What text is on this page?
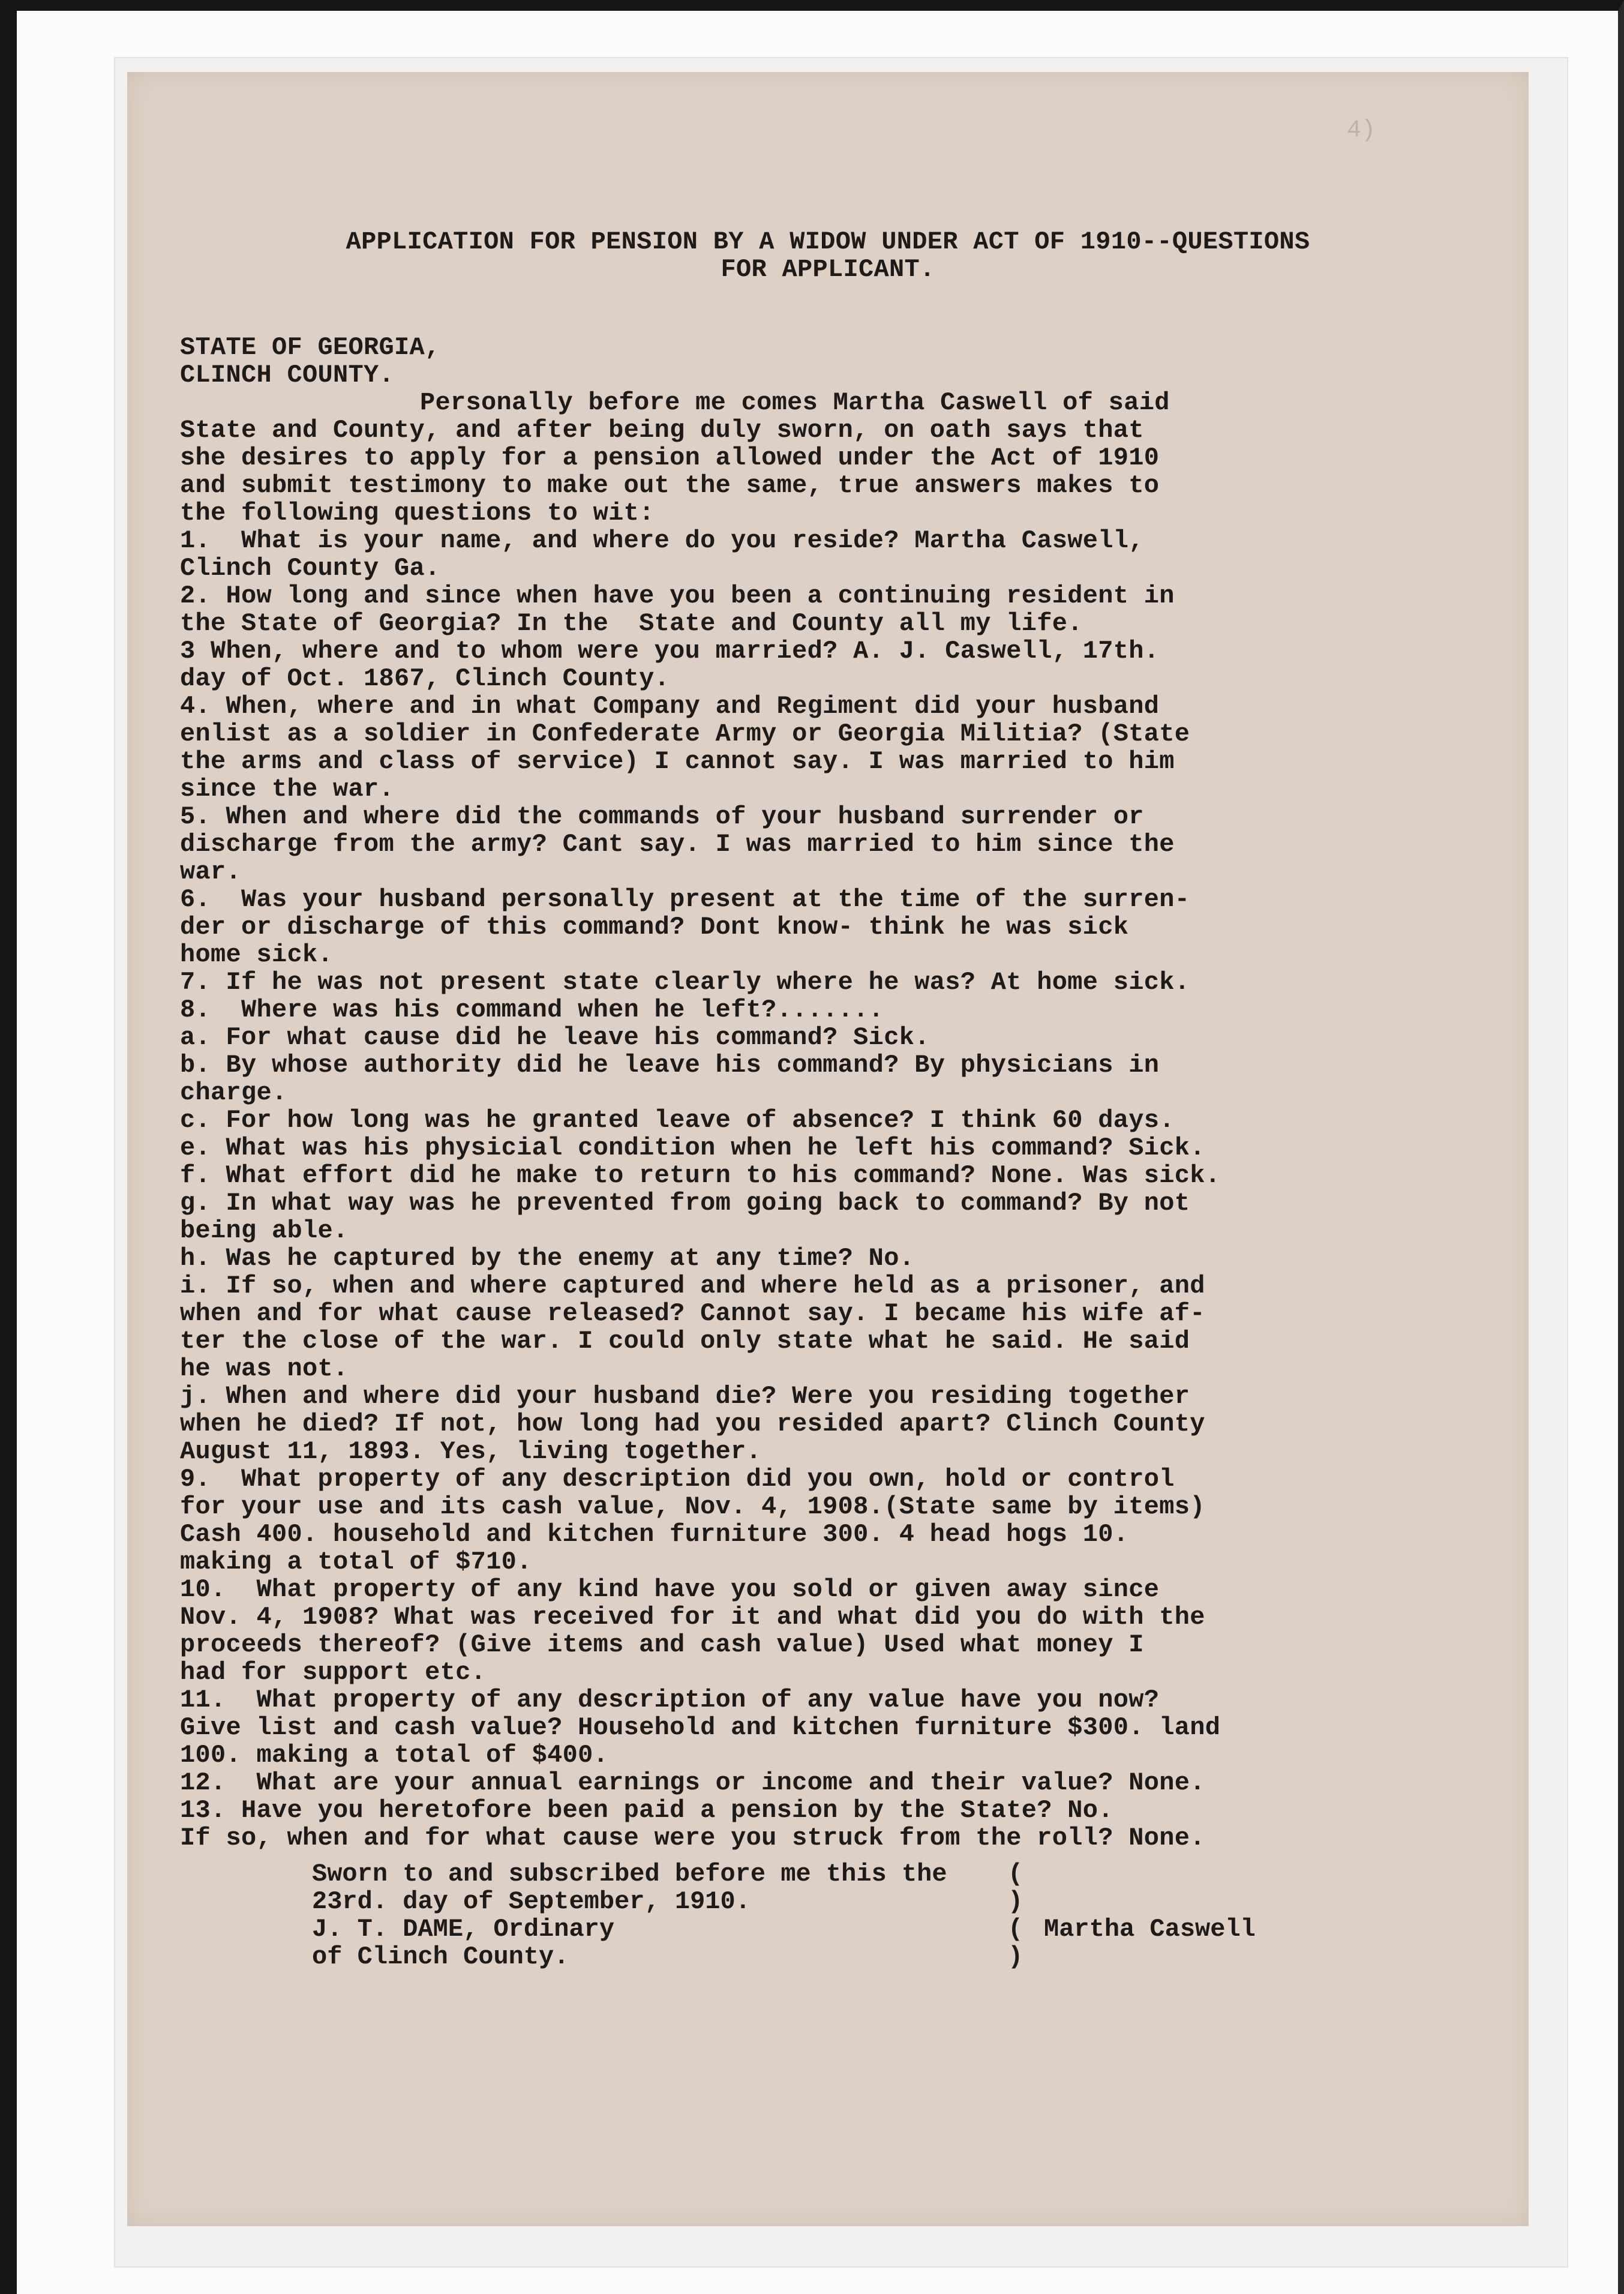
4)
APPLICATION FOR PENSION BY A WIDOW UNDER ACT OF 1910--QUESTIONS
FOR APPLICANT.
STATE OF GEORGIA,
CLINCH COUNTY.
Personally before me comes Martha Caswell of said
State and County, and after being duly sworn, on oath says that
she desires to apply for a pension allowed under the Act of 1910
and submit testimony to make out the same, true answers makes to
the following questions to wit:
1.  What is your name, and where do you reside? Martha Caswell,
Clinch County Ga.
2. How long and since when have you been a continuing resident in
the State of Georgia? In the  State and County all my life.
3 When, where and to whom were you married? A. J. Caswell, 17th.
day of Oct. 1867, Clinch County.
4. When, where and in what Company and Regiment did your husband
enlist as a soldier in Confederate Army or Georgia Militia? (State
the arms and class of service) I cannot say. I was married to him
since the war.
5. When and where did the commands of your husband surrender or
discharge from the army? Cant say. I was married to him since the
war.
6.  Was your husband personally present at the time of the surren-
der or discharge of this command? Dont know- think he was sick
home sick.
7. If he was not present state clearly where he was? At home sick.
8.  Where was his command when he left?.......
a. For what cause did he leave his command? Sick.
b. By whose authority did he leave his command? By physicians in
charge.
c. For how long was he granted leave of absence? I think 60 days.
e. What was his physicial condition when he left his command? Sick.
f. What effort did he make to return to his command? None. Was sick.
g. In what way was he prevented from going back to command? By not
being able.
h. Was he captured by the enemy at any time? No.
i. If so, when and where captured and where held as a prisoner, and
when and for what cause released? Cannot say. I became his wife af-
ter the close of the war. I could only state what he said. He said
he was not.
j. When and where did your husband die? Were you residing together
when he died? If not, how long had you resided apart? Clinch County
August 11, 1893. Yes, living together.
9.  What property of any description did you own, hold or control
for your use and its cash value, Nov. 4, 1908.(State same by items)
Cash 400. household and kitchen furniture 300. 4 head hogs 10.
making a total of $710.
10.  What property of any kind have you sold or given away since
Nov. 4, 1908? What was received for it and what did you do with the
proceeds thereof? (Give items and cash value) Used what money I
had for support etc.
11.  What property of any description of any value have you now?
Give list and cash value? Household and kitchen furniture $300. land
100. making a total of $400.
12.  What are your annual earnings or income and their value? None.
13. Have you heretofore been paid a pension by the State? No.
If so, when and for what cause were you struck from the roll? None.
Sworn to and subscribed before me this the	(
23rd. day of September, 1910.	)
J. T. DAME, Ordinary	( Martha Caswell
of Clinch County.	)
